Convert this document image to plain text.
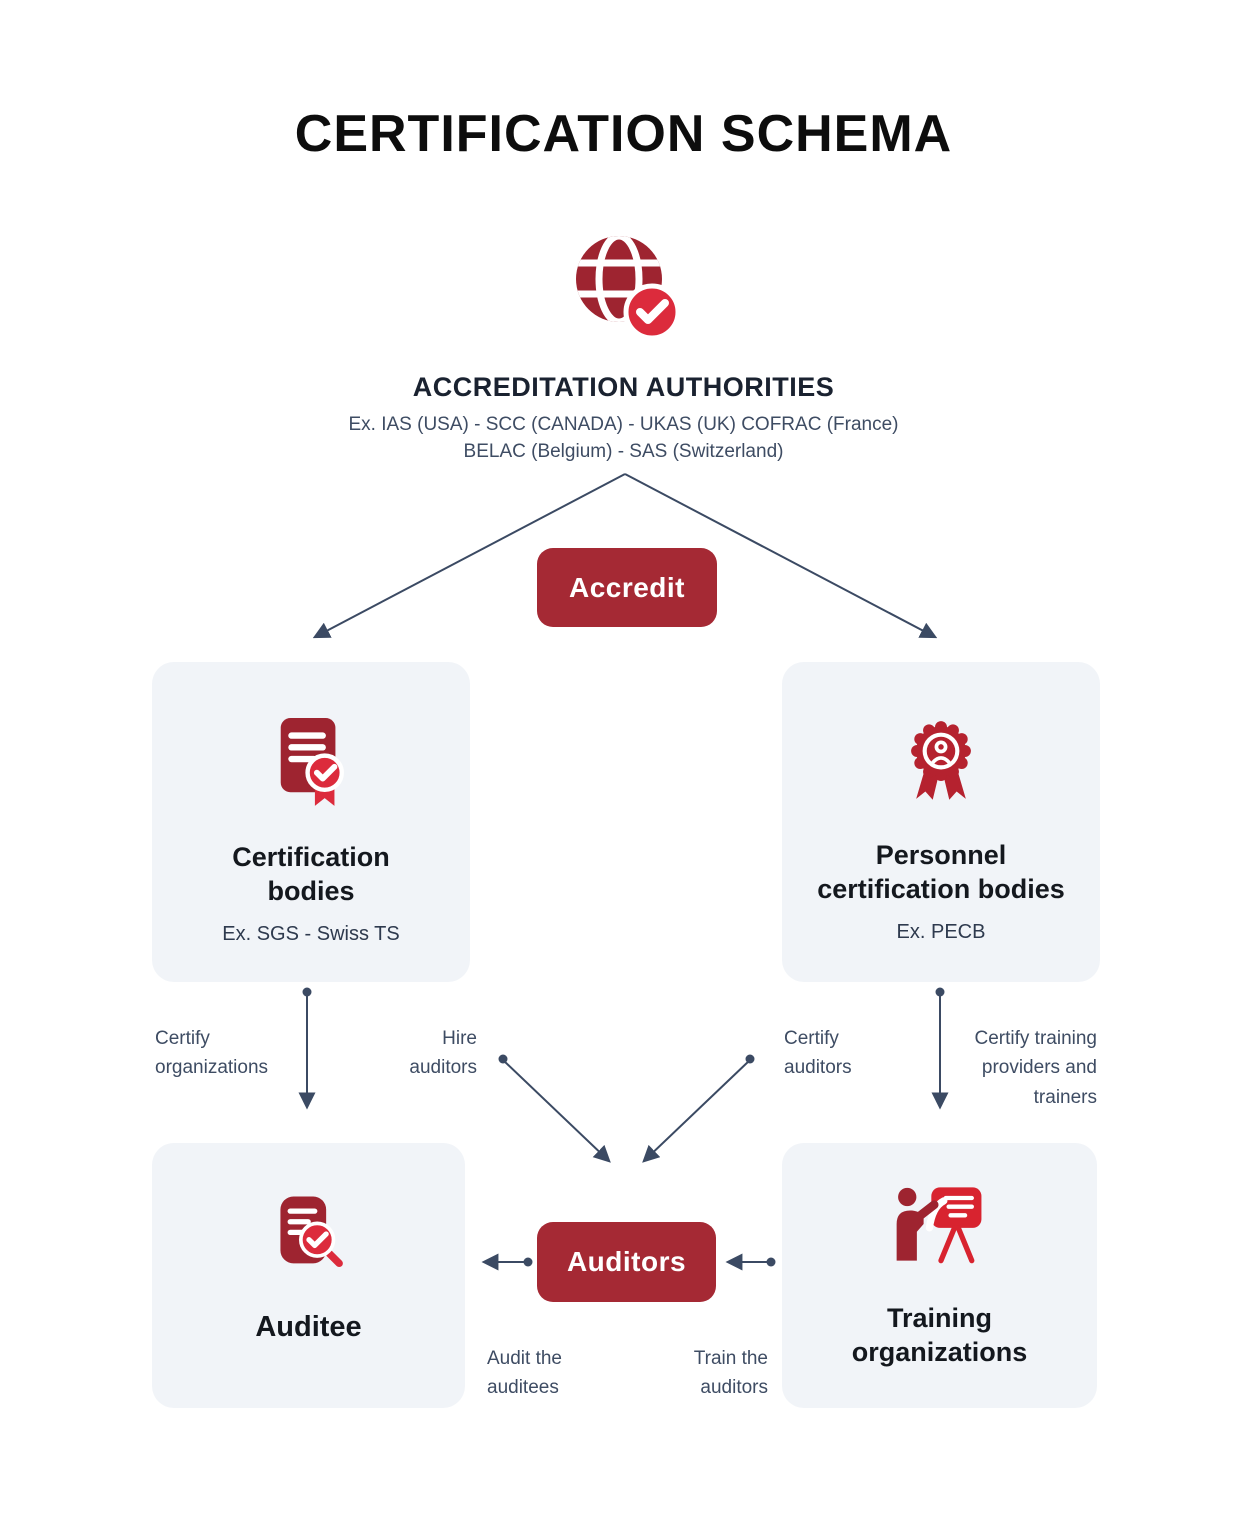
CERTIFICATION SCHEMA
ACCREDITATION AUTHORITIES
Ex. IAS (USA) - SCC (CANADA) - UKAS (UK) COFRAC (France)
BELAC (Belgium) - SAS (Switzerland)
Accredit
Certification
bodies
Ex. SGS - Swiss TS
Personnel
certification bodies
Ex. PECB
Certify
organizations
Hire
auditors
Certify
auditors
Certify training
providers and
trainers
Auditee
Auditors
Audit the
auditees
Train the
auditors
Training
organizations
